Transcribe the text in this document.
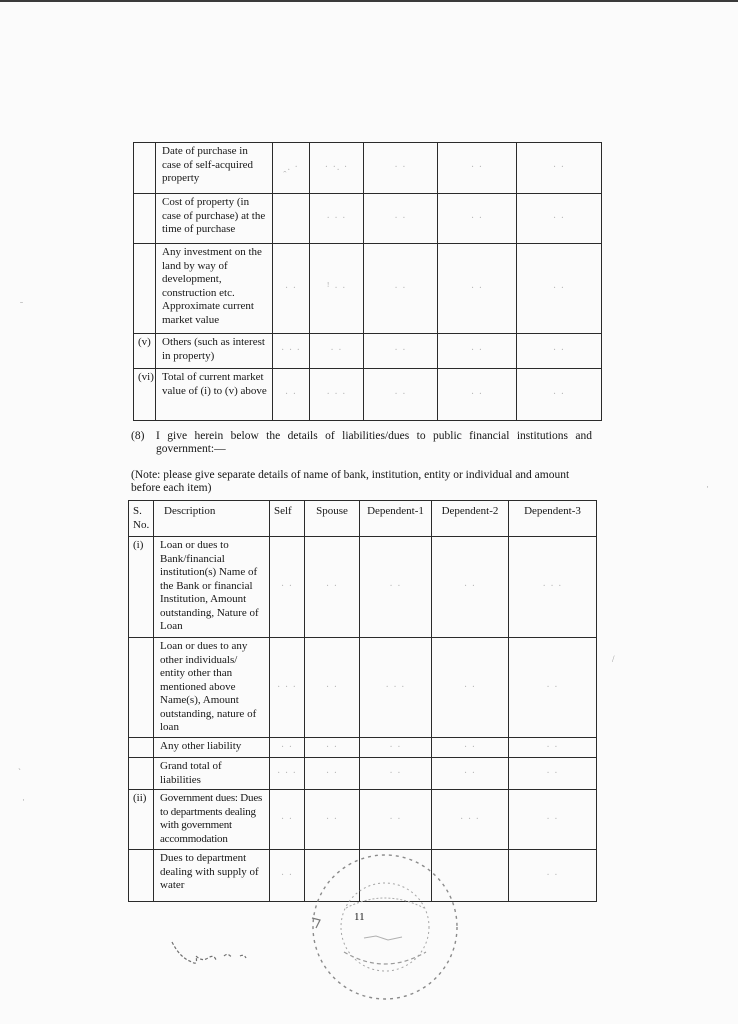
	Date of purchase in case of self-acquired property	ꞈ. ·	· ·. ·	· ·	· ·	· ·
	Cost of property (in case of purchase) at the time of purchase		· · ·	· ·	· ·	· ·
	Any investment on the land by way of development, construction etc. Approximate current market value	· ·	ꜝ · ·	· ·	· ·	· ·
(v)	Others (such as interest in property)	· · ·	· ·	· ·	· ·	· ·
(vi)	Total of current market value of (i) to (v) above	· ·	· · ·	· ·	· ·	· ·
(8) I give herein below the details of liabilities/dues to public financial institutions and government:—
(Note: please give separate details of name of bank, institution, entity or individual and amount before each item)
S. No.	Description	Self	Spouse	Dependent-1	Dependent-2	Dependent-3
(i)	Loan or dues to Bank/financial institution(s) Name of the Bank or financial Institution, Amount outstanding, Nature of Loan	· ·	· ·	· ·	· ·	· · ·
	Loan or dues to any other individuals/ entity other than mentioned above Name(s), Amount outstanding, nature of loan	· · ·	· ·	· · ·	· ·	· ·
	Any other liability	· ·	· ·	· ·	· ·	· ·
	Grand total of liabilities	· · ·	· ·	· ·	· ·	· ·
(ii)	Government dues: Dues to departments dealing with government accommodation	· ·	· ·	· ·	· · ·	· ·
	Dues to department dealing with supply of water	· ·				· ·
11
ˉ
ˎ
·
/
·
